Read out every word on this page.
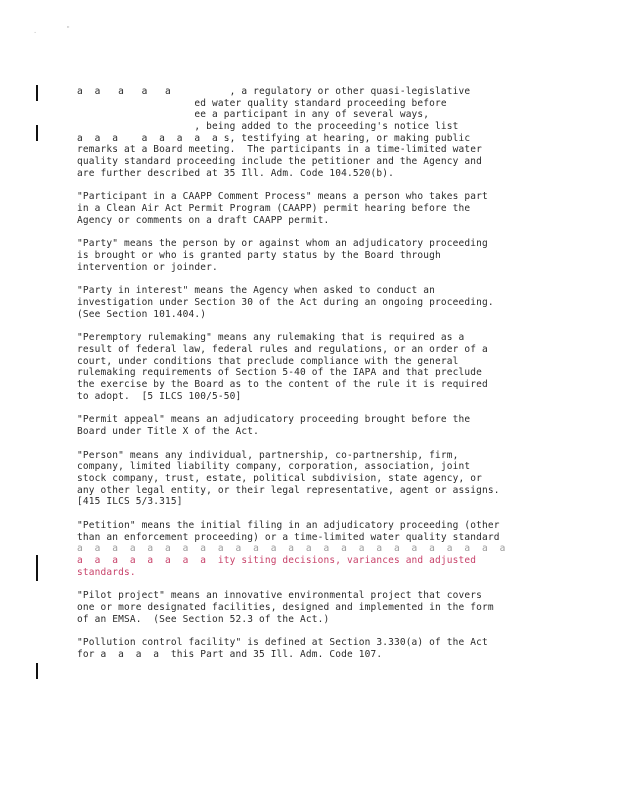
.	"
a  a   a   a   a          , a regulatory or other quasi-legislative
ed water quality standard proceeding before
ee a participant in any of several ways,
, being added to the proceeding's notice list
a  a  a    a  a  a  a  a s, testifying at hearing, or making public
remarks at a Board meeting.  The participants in a time-limited water
quality standard proceeding include the petitioner and the Agency and
are further described at 35 Ill. Adm. Code 104.520(b).
"Participant in a CAAPP Comment Process" means a person who takes part
in a Clean Air Act Permit Program (CAAPP) permit hearing before the
Agency or comments on a draft CAAPP permit.
"Party" means the person by or against whom an adjudicatory proceeding
is brought or who is granted party status by the Board through
intervention or joinder.
"Party in interest" means the Agency when asked to conduct an
investigation under Section 30 of the Act during an ongoing proceeding.
(See Section 101.404.)
"Peremptory rulemaking" means any rulemaking that is required as a
result of federal law, federal rules and regulations, or an order of a
court, under conditions that preclude compliance with the general
rulemaking requirements of Section 5-40 of the IAPA and that preclude
the exercise by the Board as to the content of the rule it is required
to adopt.  [5 ILCS 100/5-50]
"Permit appeal" means an adjudicatory proceeding brought before the
Board under Title X of the Act.
"Person" means any individual, partnership, co-partnership, firm,
company, limited liability company, corporation, association, joint
stock company, trust, estate, political subdivision, state agency, or
any other legal entity, or their legal representative, agent or assigns.
[415 ILCS 5/3.315]
"Petition" means the initial filing in an adjudicatory proceeding (other
than an enforcement proceeding) or a time-limited water quality standard
a  a  a  a  a  a  a  a  a  a  a  a  a  a  a  a  a  a  a  a  a  a  a  a  a
a  a  a  a  a  a  a  a  ity siting decisions, variances and adjusted
standards.
"Pilot project" means an innovative environmental project that covers
one or more designated facilities, designed and implemented in the form
of an EMSA.  (See Section 52.3 of the Act.)
"Pollution control facility" is defined at Section 3.330(a) of the Act
for a  a  a  a  this Part and 35 Ill. Adm. Code 107.
